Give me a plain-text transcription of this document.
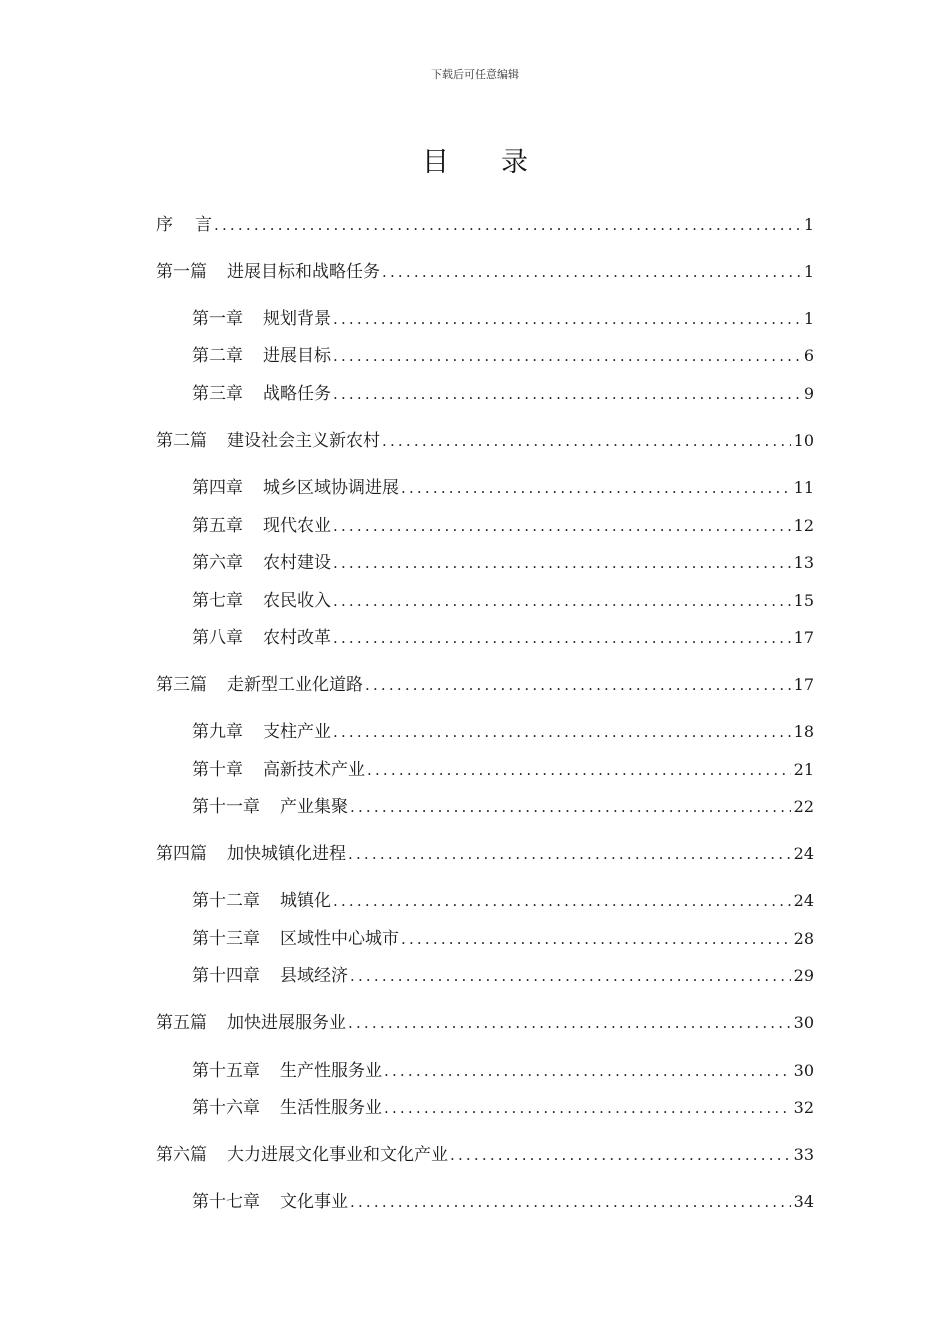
下载后可任意编辑
目录
序 言 .....	1
第一篇 进展目标和战略任务 .....	1
第一章 规划背景 .....	1
第二章 进展目标 .....	6
第三章 战略任务 .....	9
第二篇 建设社会主义新农村 .....	10
第四章 城乡区域协调进展 .....	11
第五章 现代农业 .....	12
第六章 农村建设 .....	13
第七章 农民收入 .....	15
第八章 农村改革 .....	17
第三篇 走新型工业化道路 .....	17
第九章 支柱产业 .....	18
第十章 高新技术产业 .....	21
第十一章 产业集聚 .....	22
第四篇 加快城镇化进程 .....	24
第十二章 城镇化 .....	24
第十三章 区域性中心城市 .....	28
第十四章 县域经济 .....	29
第五篇 加快进展服务业 .....	30
第十五章 生产性服务业 .....	30
第十六章 生活性服务业 .....	32
第六篇 大力进展文化事业和文化产业 .....	33
第十七章 文化事业 .....	34
